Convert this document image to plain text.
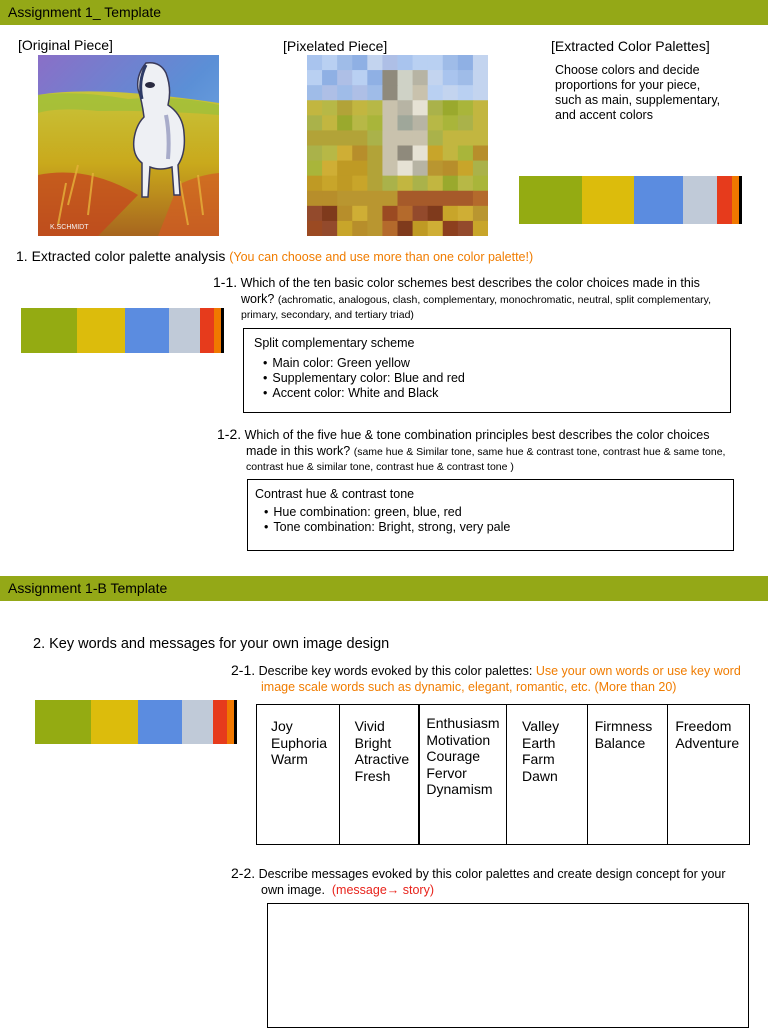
Assignment 1_ Template
[Original Piece]	[Pixelated Piece]	[Extracted Color Palettes]
K.SCHMIDT
Choose colors and decide
proportions for your piece,
such as main, supplementary,
and accent colors
1. Extracted color palette analysis (You can choose and use more than one color palette!)
1-1. Which of the ten basic color schemes best describes the color choices made in this
work? (achromatic, analogous, clash, complementary, monochromatic, neutral, split complementary,
primary, secondary, and tertiary triad)
Split complementary scheme
• Main color: Green yellow
• Supplementary color: Blue and red
• Accent color: White and Black
1-2. Which of the five hue & tone combination principles best describes the color choices
made in this work? (same hue & Similar tone, same hue & contrast tone, contrast hue & same tone,
contrast hue & similar tone, contrast hue & contrast tone )
Contrast hue & contrast tone
• Hue combination: green, blue, red
• Tone combination: Bright, strong, very pale
Assignment 1-B Template
2. Key words and messages for your own image design
2-1. Describe key words evoked by this color palettes: Use your own words or use key word
image scale words such as dynamic, elegant, romantic, etc. (More than 20)
Joy
Euphoria
Warm
Vivid
Bright
Atractive
Fresh
Enthusiasm
Motivation
Courage
Fervor
Dynamism
Valley
Earth
Farm
Dawn
Firmness
Balance
Freedom
Adventure
2-2. Describe messages evoked by this color palettes and create design concept for your
own image. (message→ story)
